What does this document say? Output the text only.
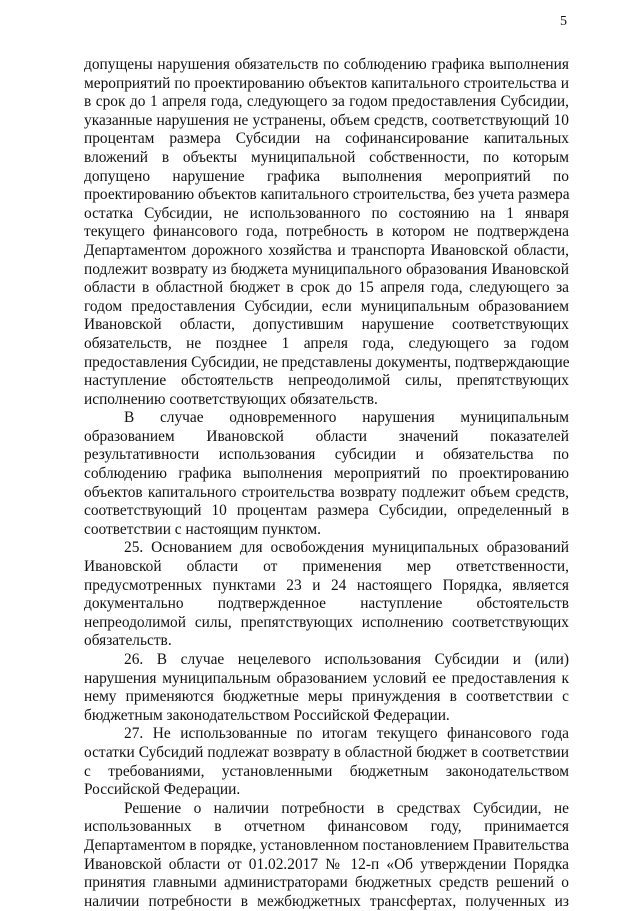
5
допущены нарушения обязательств по соблюдению графика выполнения
мероприятий по проектированию объектов капитального строительства и
в срок до 1 апреля года, следующего за годом предоставления Субсидии,
указанные нарушения не устранены, объем средств, соответствующий 10
процентам размера Субсидии на софинансирование капитальных
вложений в объекты муниципальной собственности, по которым
допущено нарушение графика выполнения мероприятий по
проектированию объектов капитального строительства, без учета размера
остатка Субсидии, не использованного по состоянию на 1 января
текущего финансового года, потребность в котором не подтверждена
Департаментом дорожного хозяйства и транспорта Ивановской области,
подлежит возврату из бюджета муниципального образования Ивановской
области в областной бюджет в срок до 15 апреля года, следующего за
годом предоставления Субсидии, если муниципальным образованием
Ивановской области, допустившим нарушение соответствующих
обязательств, не позднее 1 апреля года, следующего за годом
предоставления Субсидии, не представлены документы, подтверждающие
наступление обстоятельств непреодолимой силы, препятствующих
исполнению соответствующих обязательств.
В случае одновременного нарушения муниципальным
образованием Ивановской области значений показателей
результативности использования субсидии и обязательства по
соблюдению графика выполнения мероприятий по проектированию
объектов капитального строительства возврату подлежит объем средств,
соответствующий 10 процентам размера Субсидии, определенный в
соответствии с настоящим пунктом.
25. Основанием для освобождения муниципальных образований
Ивановской области от применения мер ответственности,
предусмотренных пунктами 23 и 24 настоящего Порядка, является
документально подтвержденное наступление обстоятельств
непреодолимой силы, препятствующих исполнению соответствующих
обязательств.
26. В случае нецелевого использования Субсидии и (или)
нарушения муниципальным образованием условий ее предоставления к
нему применяются бюджетные меры принуждения в соответствии с
бюджетным законодательством Российской Федерации.
27. Не использованные по итогам текущего финансового года
остатки Субсидий подлежат возврату в областной бюджет в соответствии
с требованиями, установленными бюджетным законодательством
Российской Федерации.
Решение о наличии потребности в средствах Субсидии, не
использованных в отчетном финансовом году, принимается
Департаментом в порядке, установленном постановлением Правительства
Ивановской области от 01.02.2017 № 12-п «Об утверждении Порядка
принятия главными администраторами бюджетных средств решений о
наличии потребности в межбюджетных трансфертах, полученных из
